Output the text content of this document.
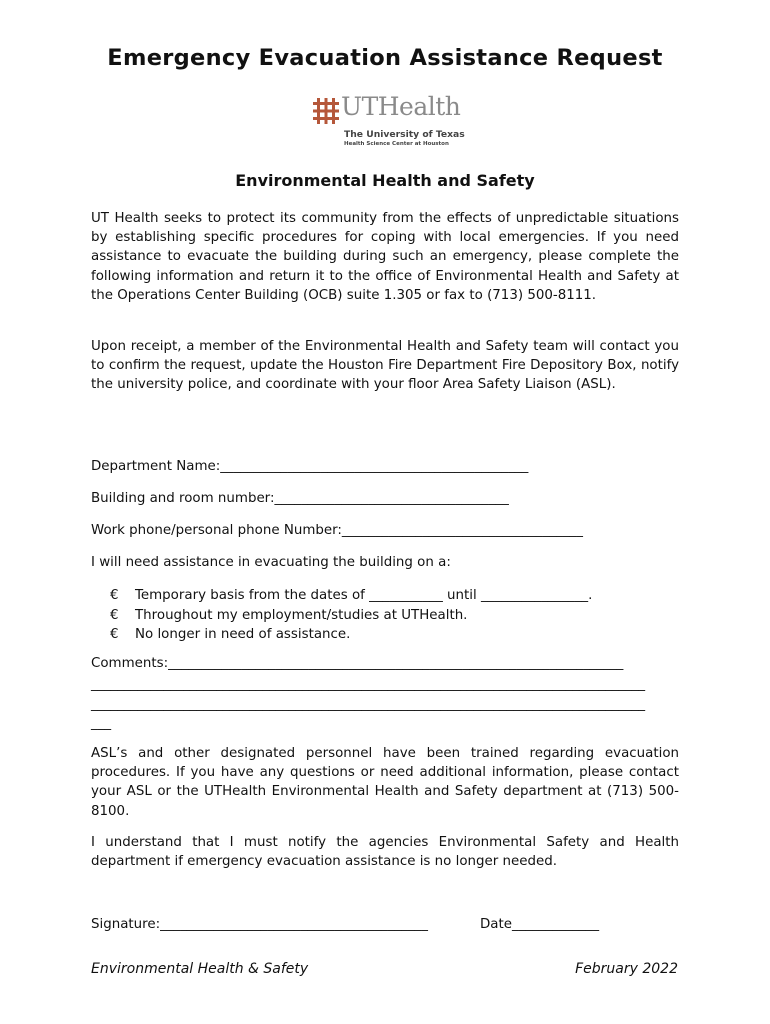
Emergency Evacuation Assistance Request
UTHealth
The University of Texas
Health Science Center at Houston
Environmental Health and Safety

UT Health seeks to protect its community from the effects of unpredictable situations by establishing specific procedures for coping with local emergencies. If you need assistance to evacuate the building during such an emergency, please complete the following information and return it to the office of Environmental Health and Safety at the Operations Center Building (OCB) suite 1.305 or fax to (713) 500-8111.

Upon receipt, a member of the Environmental Health and Safety team will contact you to confirm the request, update the Houston Fire Department Fire Depository Box, notify the university police, and coordinate with your floor Area Safety Liaison (ASL).

Department Name:______________________________________________
Building and room number:___________________________________
Work phone/personal phone Number:____________________________________
I will need assistance in evacuating the building on a:
€ Temporary basis from the dates of ___________ until ________________.
€ Throughout my employment/studies at UTHealth.
€ No longer in need of assistance.
Comments:____________________________________________________________________
____________________________________________________________________________________
____________________________________________________________________________________
___

ASL’s and other designated personnel have been trained regarding evacuation procedures. If you have any questions or need additional information, please contact your ASL or the UTHealth Environmental Health and Safety department at (713) 500-8100.

I understand that I must notify the agencies Environmental Safety and Health department if emergency evacuation assistance is no longer needed.

Signature:________________________________________	Date_____________
Environmental Health & Safety	February 2022
